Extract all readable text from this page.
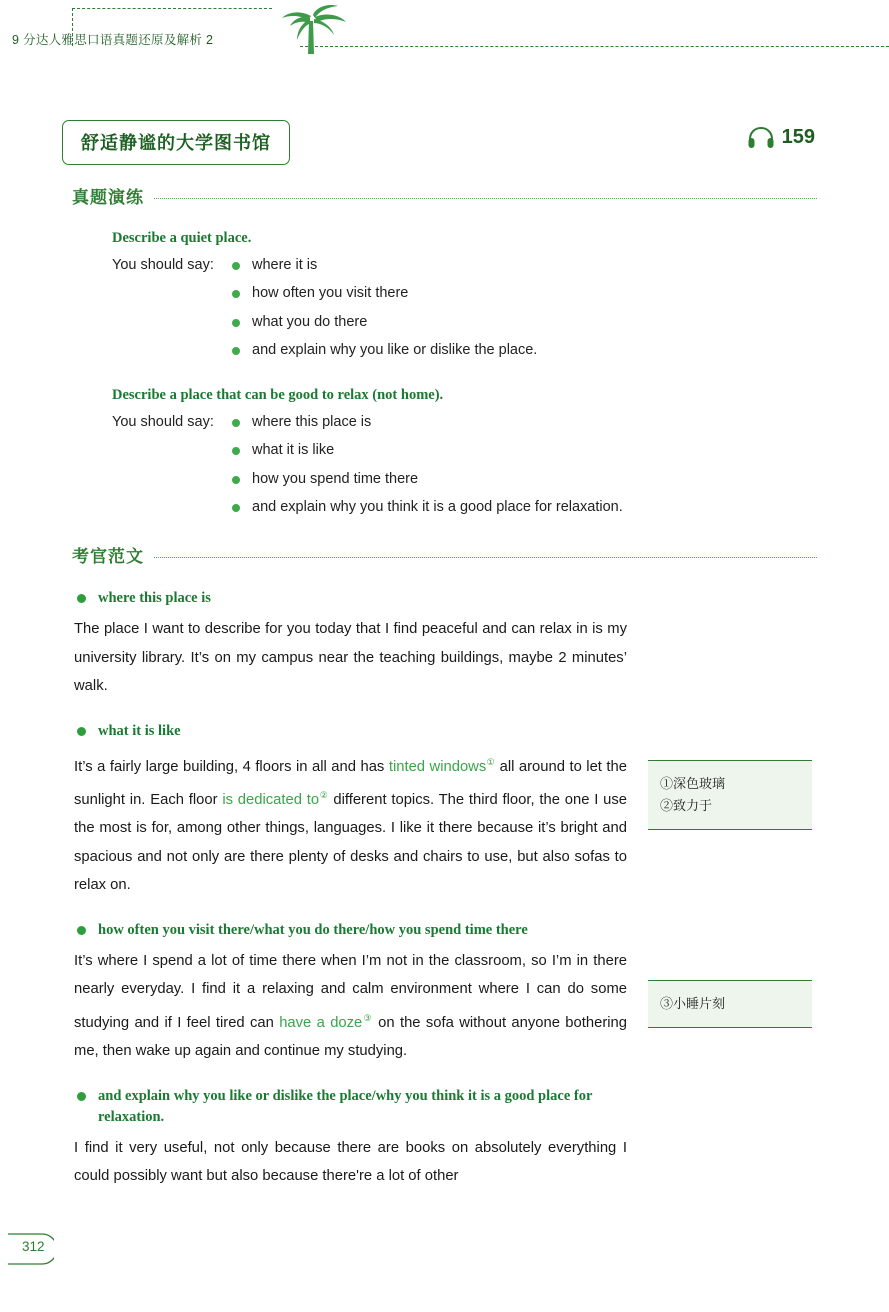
9 分达人雅思口语真题还原及解析 2
舒适静谧的大学图书馆	159
真题演练
Describe a quiet place.
You should say:	where it is
how often you visit there
what you do there
and explain why you like or dislike the place.
Describe a place that can be good to relax (not home).
You should say:	where this place is
what it is like
how you spend time there
and explain why you think it is a good place for relaxation.
考官范文
where this place is

The place I want to describe for you today that I find peaceful and can relax in is my university library. It’s on my campus near the teaching buildings, maybe 2 minutes’ walk.

what it is like

It’s a fairly large building, 4 floors in all and has tinted windows① all around to let the sunlight in. Each floor is dedicated to② different topics. The third floor, the one I use the most is for, among other things, languages. I like it there because it’s bright and spacious and not only are there plenty of desks and chairs to use, but also sofas to relax on.

how often you visit there/what you do there/how you spend time there

It’s where I spend a lot of time there when I’m not in the classroom, so I’m in there nearly everyday. I find it a relaxing and calm environment where I can do some studying and if I feel tired can have a doze③ on the sofa without anyone bothering me, then wake up again and continue my studying.

and explain why you like or dislike the place/why you think it is a good place for relaxation.

I find it very useful, not only because there are books on absolutely everything I could possibly want but also because there're a lot of other

①深色玻璃
②致力于
③小睡片刻
312
